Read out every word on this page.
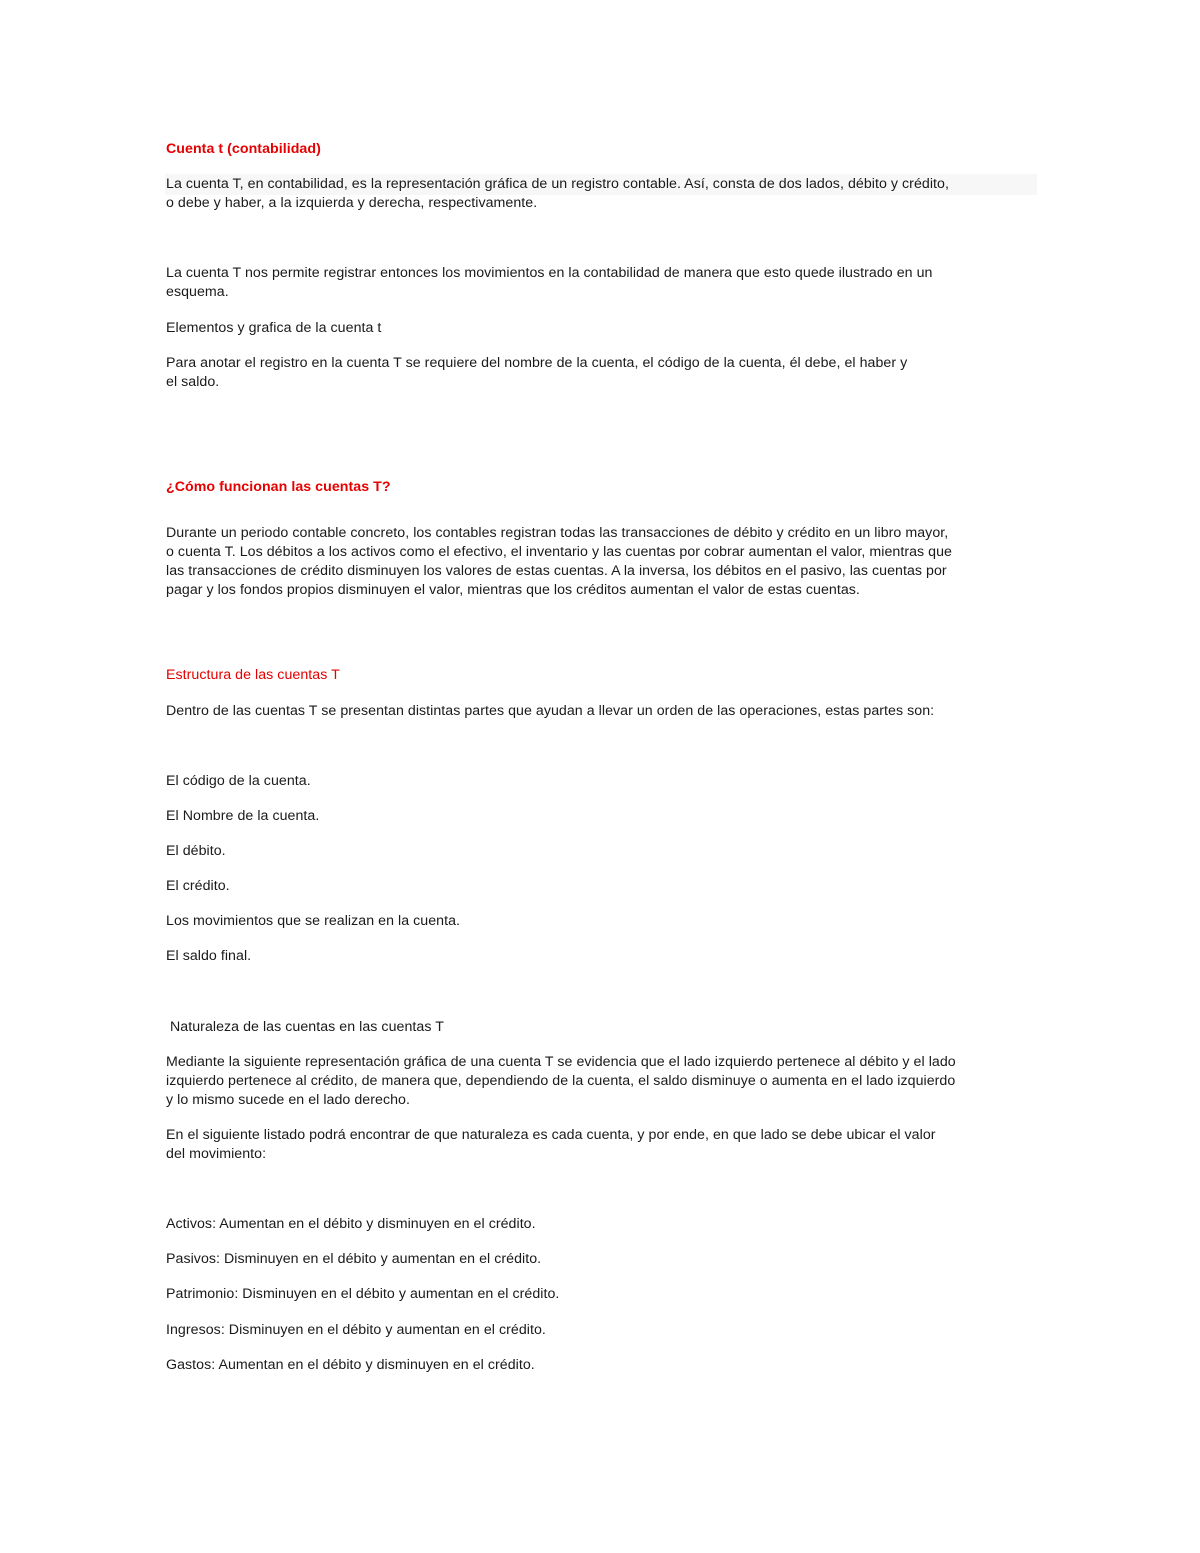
Cuenta t (contabilidad)

La cuenta T, en contabilidad, es la representación gráfica de un registro contable. Así, consta de dos lados, débito y crédito,
o debe y haber, a la izquierda y derecha, respectivamente.

La cuenta T nos permite registrar entonces los movimientos en la contabilidad de manera que esto quede ilustrado en un
esquema.

Elementos y grafica de la cuenta t

Para anotar el registro en la cuenta T se requiere del nombre de la cuenta, el código de la cuenta, él debe, el haber y
el saldo.

¿Cómo funcionan las cuentas T?

Durante un periodo contable concreto, los contables registran todas las transacciones de débito y crédito en un libro mayor,
o cuenta T. Los débitos a los activos como el efectivo, el inventario y las cuentas por cobrar aumentan el valor, mientras que
las transacciones de crédito disminuyen los valores de estas cuentas. A la inversa, los débitos en el pasivo, las cuentas por
pagar y los fondos propios disminuyen el valor, mientras que los créditos aumentan el valor de estas cuentas.

Estructura de las cuentas T

Dentro de las cuentas T se presentan distintas partes que ayudan a llevar un orden de las operaciones, estas partes son:

El código de la cuenta.

El Nombre de la cuenta.

El débito.

El crédito.

Los movimientos que se realizan en la cuenta.

El saldo final.

Naturaleza de las cuentas en las cuentas T

Mediante la siguiente representación gráfica de una cuenta T se evidencia que el lado izquierdo pertenece al débito y el lado
izquierdo pertenece al crédito, de manera que, dependiendo de la cuenta, el saldo disminuye o aumenta en el lado izquierdo
y lo mismo sucede en el lado derecho.

En el siguiente listado podrá encontrar de que naturaleza es cada cuenta, y por ende, en que lado se debe ubicar el valor
del movimiento:

Activos: Aumentan en el débito y disminuyen en el crédito.

Pasivos: Disminuyen en el débito y aumentan en el crédito.

Patrimonio: Disminuyen en el débito y aumentan en el crédito.

Ingresos: Disminuyen en el débito y aumentan en el crédito.

Gastos: Aumentan en el débito y disminuyen en el crédito.
